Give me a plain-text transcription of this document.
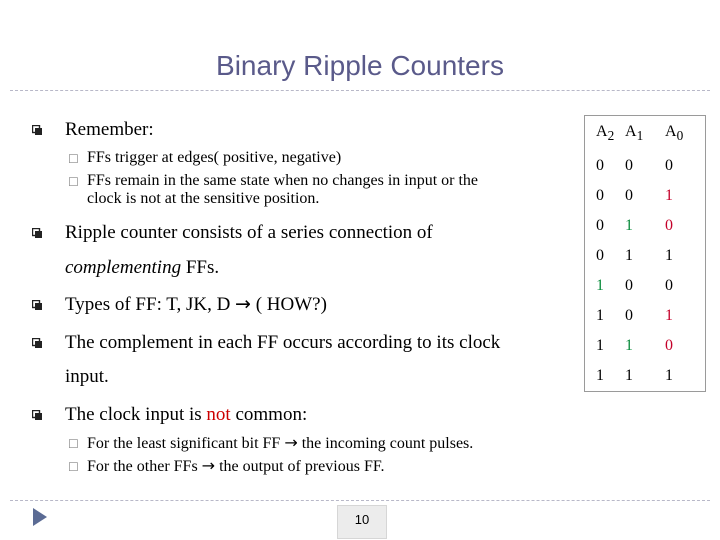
Binary Ripple Counters
Remember:
☐ FFs trigger at edges( positive, negative)
☐ FFs remain in the same state when no changes in input or the
clock is not at the sensitive position.
Ripple counter consists of a series connection of
complementing FFs.
Types of FF: T, JK, D → ( HOW?)
The complement in each FF occurs according to its clock
input.
The clock input is not common:
☐ For the least significant bit FF → the incoming count pulses.
☐ For the other FFs → the output of previous FF.
$A_2$	$A_1$	$A_0$
0	0	0
0	0	1
0	1	0
0	1	1
1	0	0
1	0	1
1	1	0
1	1	1
10
